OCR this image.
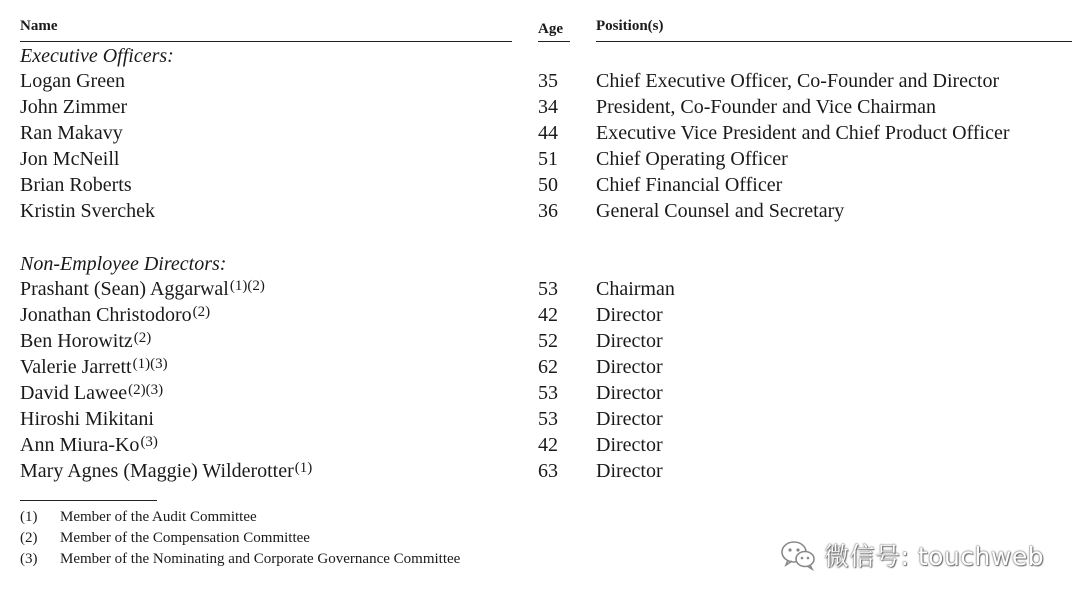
Name	Age Position(s)
Executive Officers:
Logan Green	35 Chief Executive Officer, Co-Founder and Director
John Zimmer	34 President, Co-Founder and Vice Chairman
Ran Makavy	44 Executive Vice President and Chief Product Officer
Jon McNeill	51 Chief Operating Officer
Brian Roberts	50 Chief Financial Officer
Kristin Sverchek	36 General Counsel and Secretary
Non-Employee Directors:
Prashant (Sean) Aggarwal$^{(1)(2)}$	53 Chairman
Jonathan Christodoro$^{(2)}$	42 Director
Ben Horowitz$^{(2)}$	52 Director
Valerie Jarrett$^{(1)(3)}$	62 Director
David Lawee$^{(2)(3)}$	53 Director
Hiroshi Mikitani	53 Director
Ann Miura-Ko$^{(3)}$	42 Director
Mary Agnes (Maggie) Wilderotter$^{(1)}$	63 Director
(1) Member of the Audit Committee
(2) Member of the Compensation Committee
(3) Member of the Nominating and Corporate Governance Committee	微信号: touchweb
